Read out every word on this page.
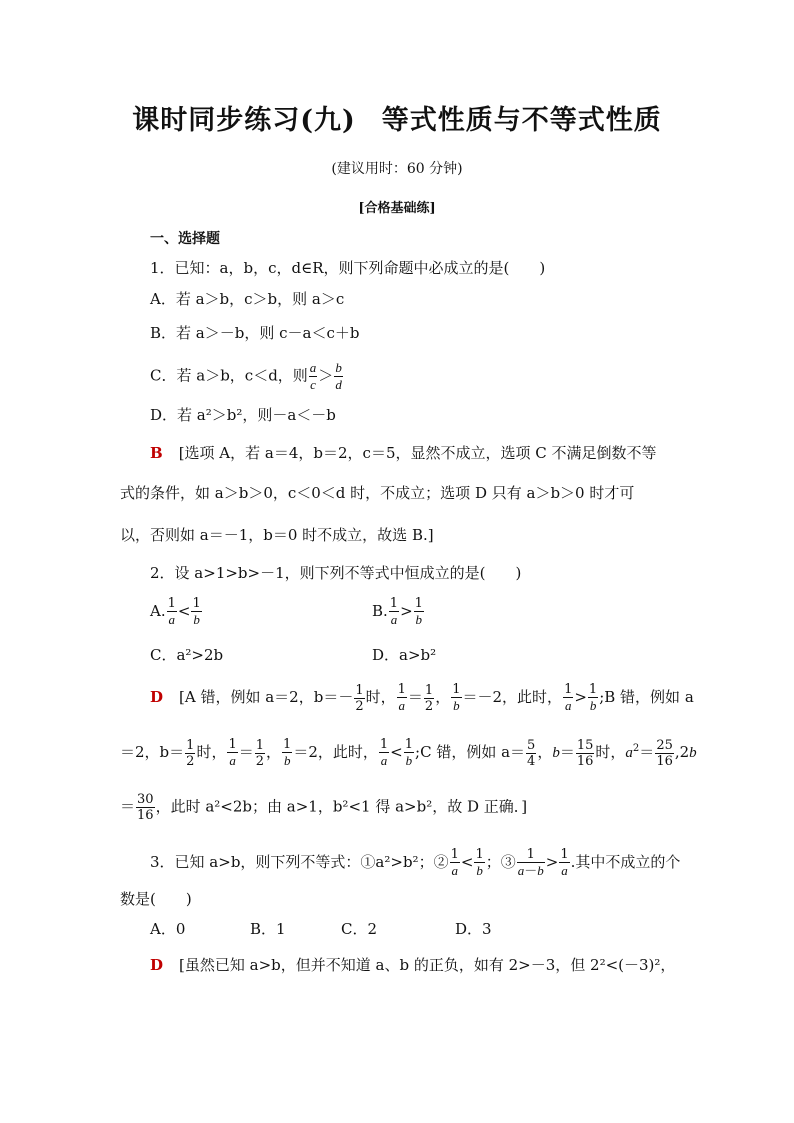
课时同步练习(九) 等式性质与不等式性质
(建议用时：60 分钟)
[合格基础练]
一、选择题
1．已知：a，b，c，d∈R，则下列命题中必成立的是(　　)
A．若 a＞b，c＞b，则 a＞c
B．若 a＞－b，则 c－a＜c＋b
C．若 a＞b，c＜d，则 $\frac{a}{c} > \frac{b}{d}$
D．若 a²＞b²，则－a＜－b
B [选项 A，若 a＝4，b＝2，c＝5，显然不成立，选项 C 不满足倒数不等
式的条件，如 a＞b＞0，c＜0＜d 时，不成立；选项 D 只有 a＞b＞0 时才可
以，否则如 a＝－1，b＝0 时不成立，故选 B.]
2．设 a>1>b>－1，则下列不等式中恒成立的是(　　)
A. $\frac{1}{a} < \frac{1}{b}$	B. $\frac{1}{a} > \frac{1}{b}$
C．a²>2b	D．a>b²
D [A 错，例如 a＝2，$b=- \frac{1}{2}$ 时， $\frac{1}{a} = \frac{1}{2}$ ， $\frac{1}{b} =-2$，此时， $\frac{1}{a} > \frac{1}{b}$ ;B 错，例如 a
＝2，$b= \frac{1}{2}$ 时， $\frac{1}{a} = \frac{1}{2}$ ， $\frac{1}{b} =2$，此时， $\frac{1}{a} < \frac{1}{b}$ ;C 错，例如 $a= \frac{5}{4}$ ，$b= \frac{15}{16}$ 时，$a^2= \frac{25}{16} ,2b$
＝ $\frac{30}{16}$ ，此时 a²<2b；由 a>1，b²<1 得 a>b²，故 D 正确．]
3．已知 a>b，则下列不等式：①a²>b²；② $\frac{1}{a} < \frac{1}{b}$ ；③ $\frac{1}{a-b} > \frac{1}{a}$ .其中不成立的个
数是(　　)
A．0	B．1	C．2	D．3
D [虽然已知 a>b，但并不知道 a、b 的正负，如有 2>－3，但 2²<(－3)²，
